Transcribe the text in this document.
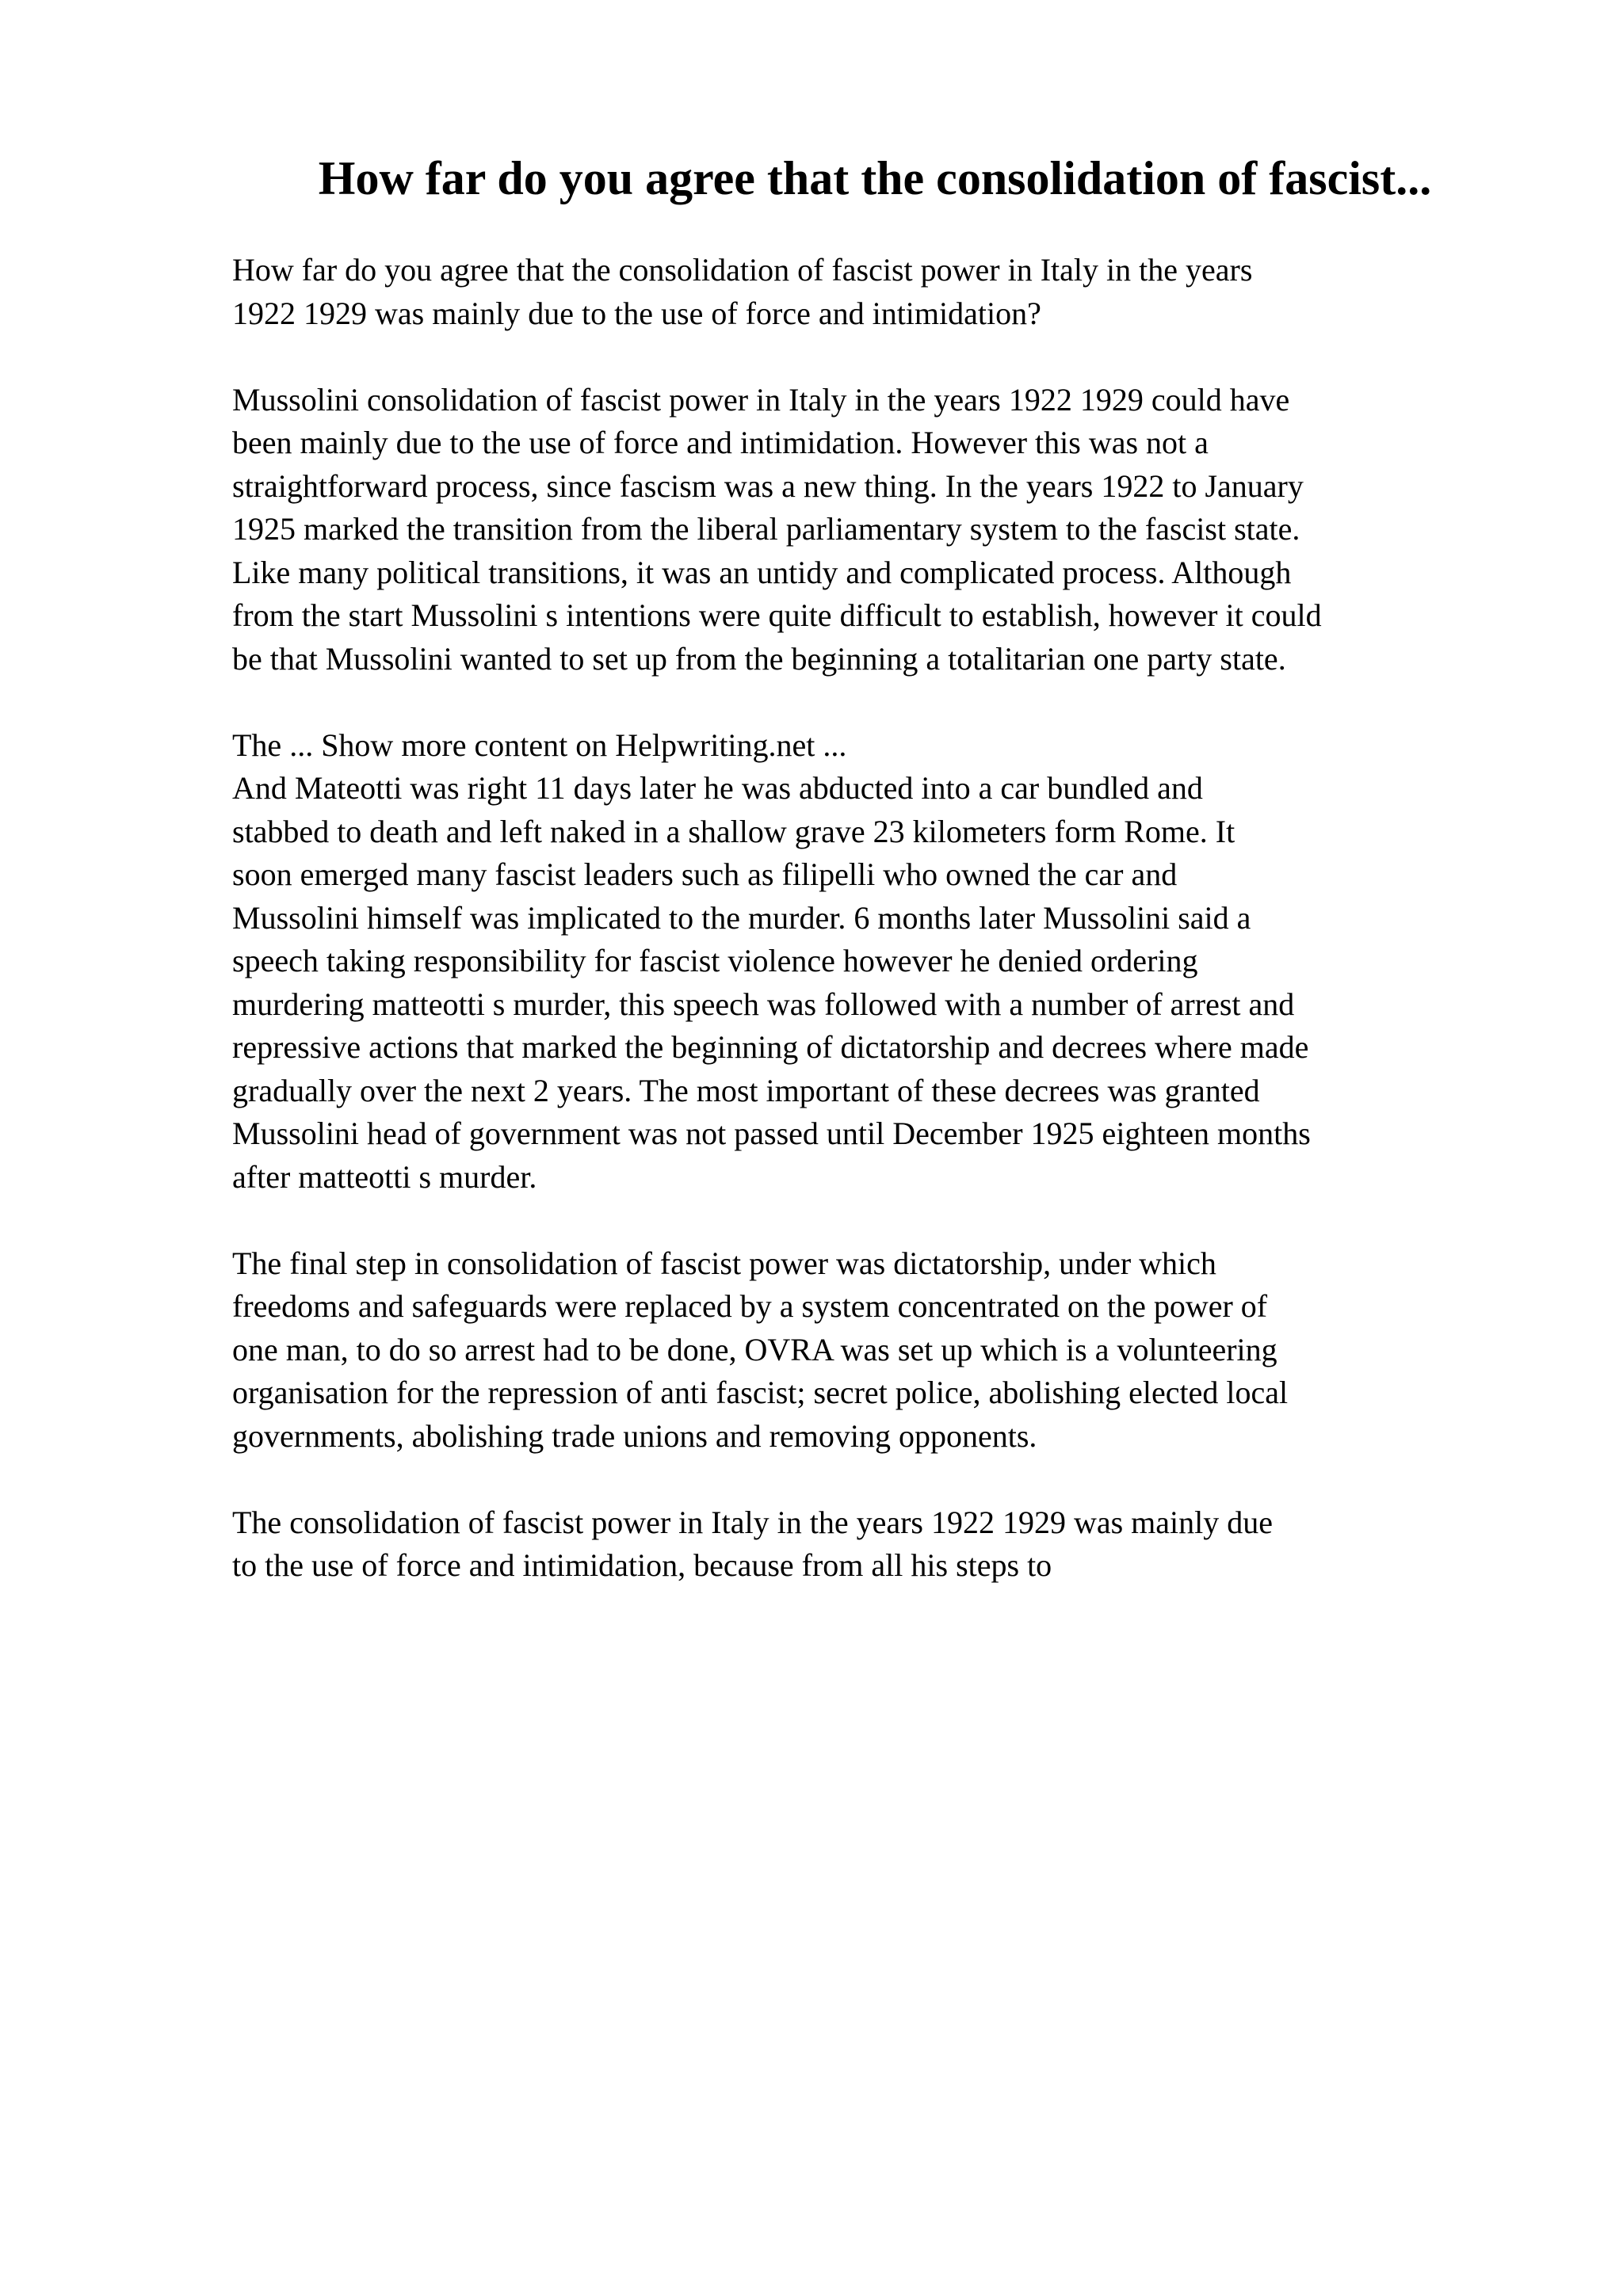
How far do you agree that the consolidation of fascist...
How far do you agree that the consolidation of fascist power in Italy in the years
1922 1929 was mainly due to the use of force and intimidation?
Mussolini consolidation of fascist power in Italy in the years 1922 1929 could have
been mainly due to the use of force and intimidation. However this was not a
straightforward process, since fascism was a new thing. In the years 1922 to January
1925 marked the transition from the liberal parliamentary system to the fascist state.
Like many political transitions, it was an untidy and complicated process. Although
from the start Mussolini s intentions were quite difficult to establish, however it could
be that Mussolini wanted to set up from the beginning a totalitarian one party state.
The ... Show more content on Helpwriting.net ...
And Mateotti was right 11 days later he was abducted into a car bundled and
stabbed to death and left naked in a shallow grave 23 kilometers form Rome. It
soon emerged many fascist leaders such as filipelli who owned the car and
Mussolini himself was implicated to the murder. 6 months later Mussolini said a
speech taking responsibility for fascist violence however he denied ordering
murdering matteotti s murder, this speech was followed with a number of arrest and
repressive actions that marked the beginning of dictatorship and decrees where made
gradually over the next 2 years. The most important of these decrees was granted
Mussolini head of government was not passed until December 1925 eighteen months
after matteotti s murder.
The final step in consolidation of fascist power was dictatorship, under which
freedoms and safeguards were replaced by a system concentrated on the power of
one man, to do so arrest had to be done, OVRA was set up which is a volunteering
organisation for the repression of anti fascist; secret police, abolishing elected local
governments, abolishing trade unions and removing opponents.
The consolidation of fascist power in Italy in the years 1922 1929 was mainly due
to the use of force and intimidation, because from all his steps to
